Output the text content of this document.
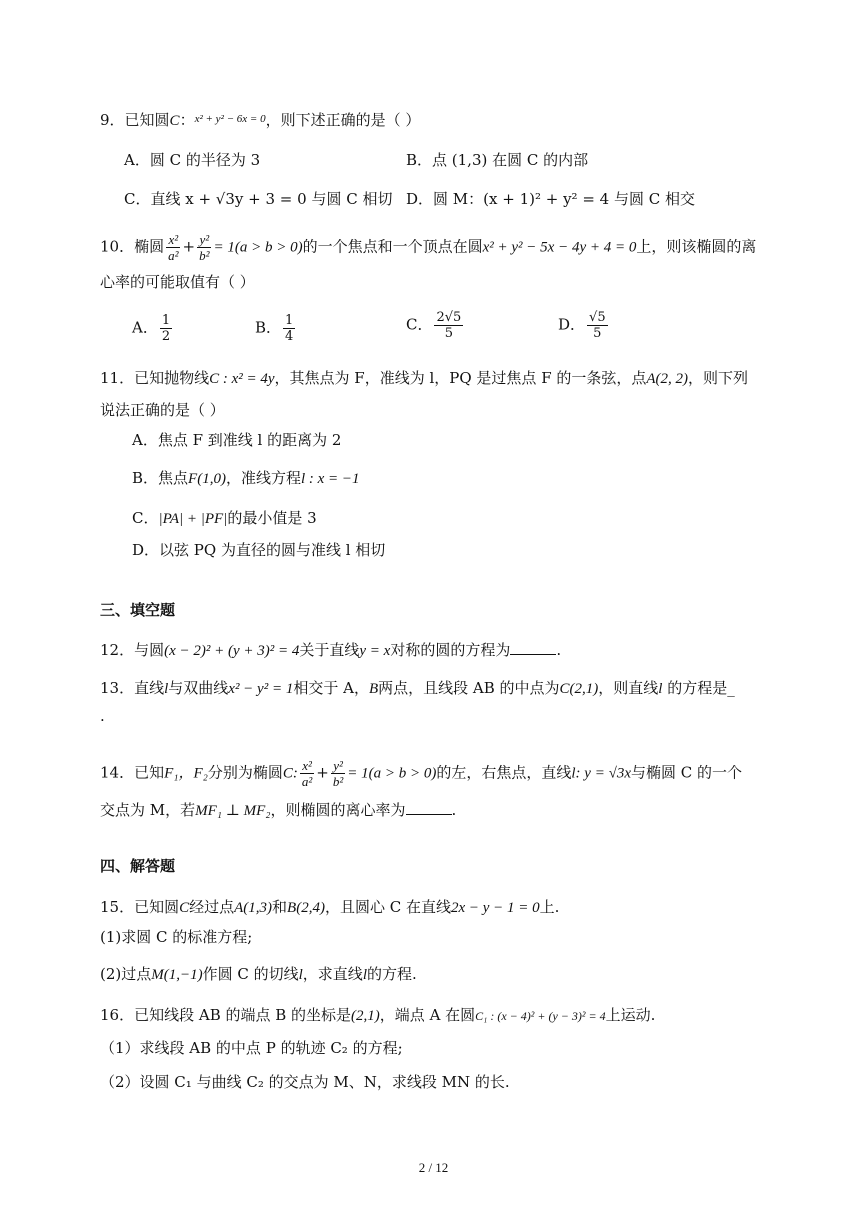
9．已知圆C：$^{x^2 + y^2 - 6x = 0}$，则下述正确的是（ ）
A．圆 C 的半径为 3	B．点 (1,3) 在圆 C 的内部
C．直线 x + √3y + 3 = 0 与圆 C 相切 D．圆 M：(x + 1)² + y² = 4 与圆 C 相交
10．椭圆 $\frac{\text{x²}}{\text{a²}} + \frac{\text{y²}}{\text{b²}} = 1(a > b > 0)$的一个焦点和一个顶点在圆x² + y² − 5x − 4y + 4 = 0上，则该椭圆的离
心率的可能取值有（ ）
A． $\frac{1}{2}$	B． $\frac{1}{4}$	C． $\frac{2√5}{5}$	D． $\frac{√5}{5}$
11．已知抛物线C : x² = 4y，其焦点为 F，准线为 l，PQ 是过焦点 F 的一条弦，点A(2, 2)，则下列
说法正确的是（ ）
A．焦点 F 到准线 l 的距离为 2
B．焦点F(1,0)，准线方程l : x = −1
C．|PA| + |PF|的最小值是 3
D．以弦 PQ 为直径的圆与准线 l 相切
三、填空题
12．与圆(x − 2)² + (y + 3)² = 4关于直线y = x对称的圆的方程为	.
13．直线l与双曲线x² − y² = 1相交于 A，B两点，且线段 AB 的中点为C(2,1)，则直线l 的方程是_
.
14．已知F₁，F₂分别为椭圆C: $\frac{\text{x²}}{\text{a²}} + \frac{\text{y²}}{\text{b²}} = 1(a > b > 0)$的左，右焦点，直线l: y = √3x与椭圆 C 的一个
交点为 M，若MF₁ ⊥ MF₂，则椭圆的离心率为	.
四、解答题
15．已知圆C经过点A(1,3)和B(2,4)，且圆心 C 在直线2x − y − 1 = 0上.
(1)求圆 C 的标准方程;
(2)过点M(1,−1)作圆 C 的切线l，求直线l的方程.
16．已知线段 AB 的端点 B 的坐标是(2,1)，端点 A 在圆C₁ : (x − 4)² + (y − 3)² = 4上运动.
（1）求线段 AB 的中点 P 的轨迹 C₂ 的方程;
（2）设圆 C₁ 与曲线 C₂ 的交点为 M、N，求线段 MN 的长.
2 / 12
